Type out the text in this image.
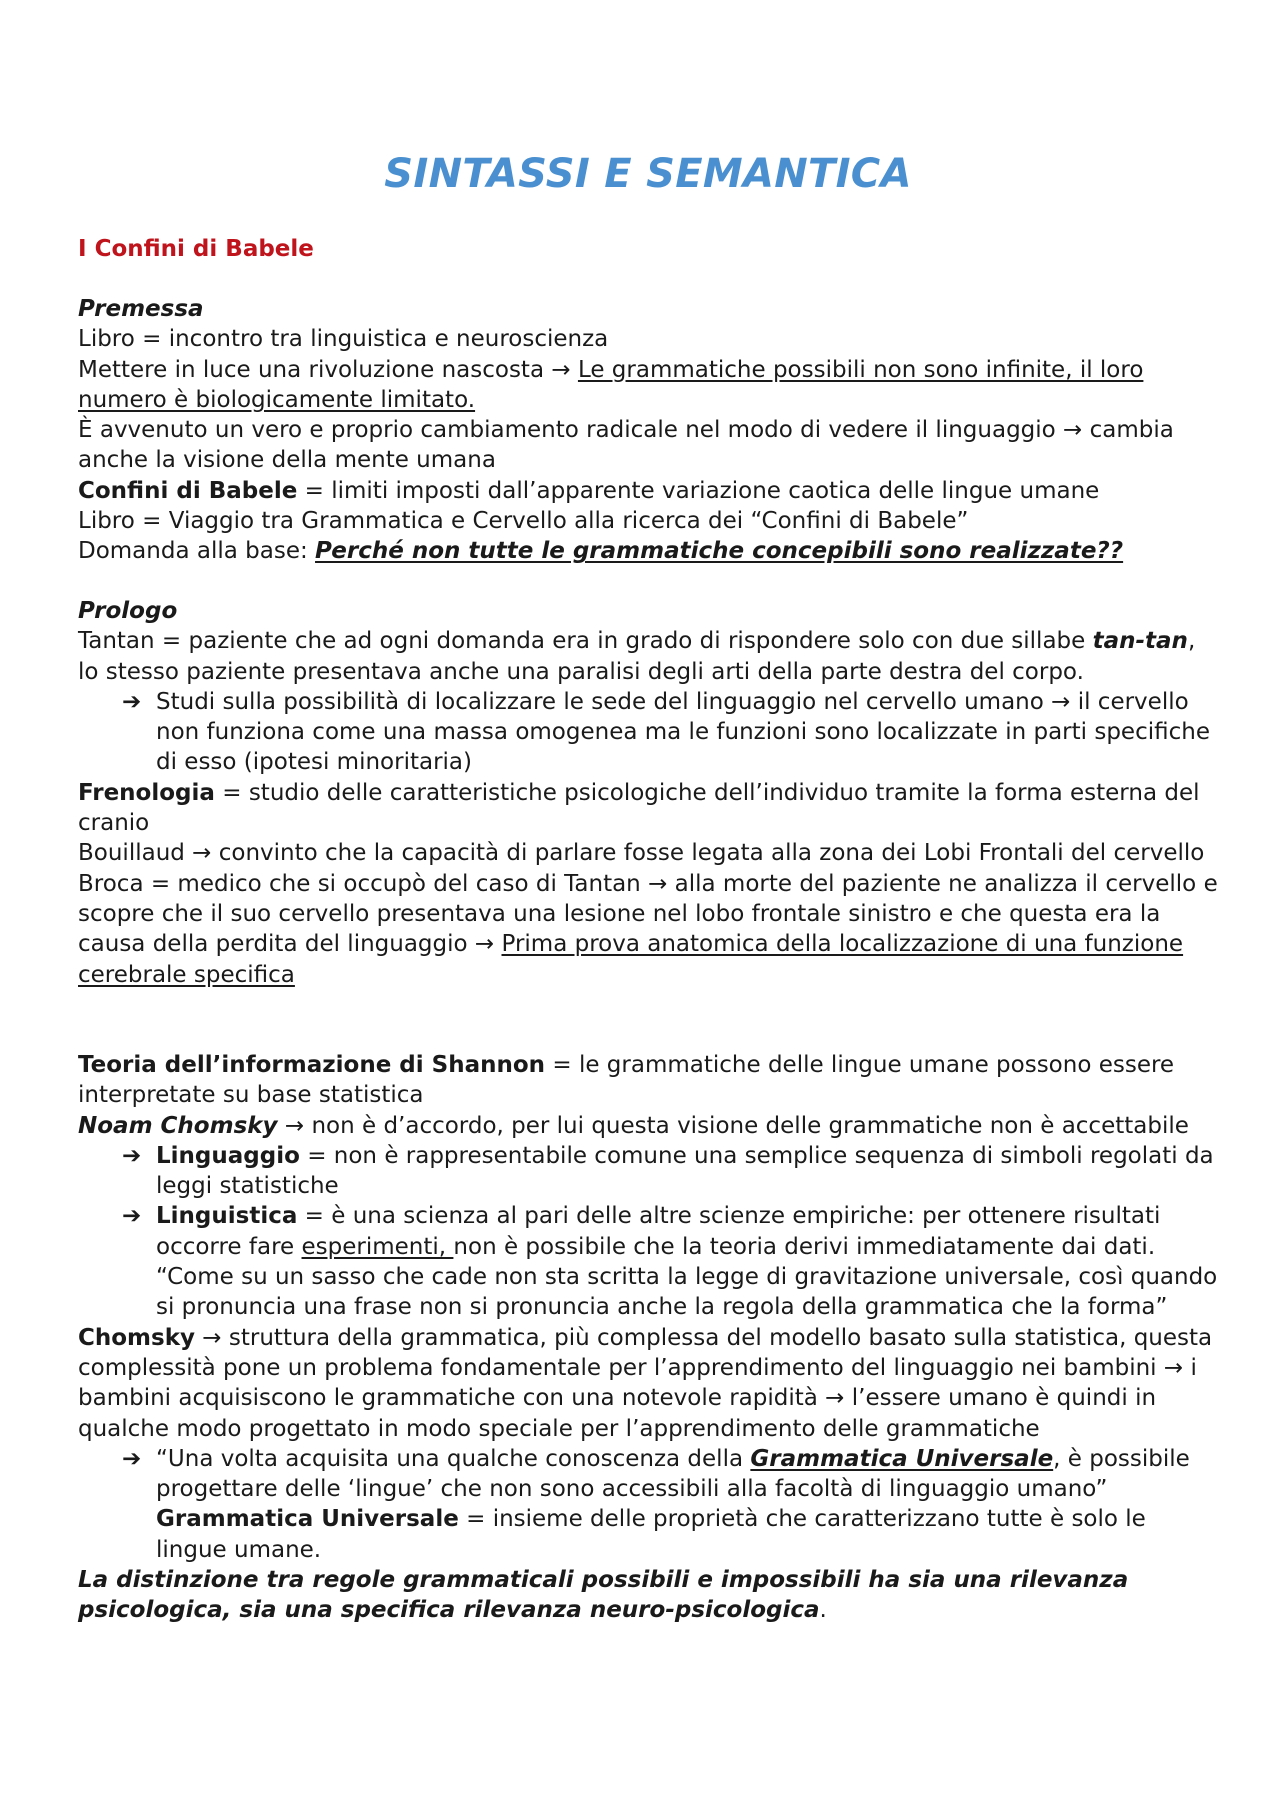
SINTASSI E SEMANTICA

I Confini di Babele

Premessa

Libro = incontro tra linguistica e neuroscienza

Mettere in luce una rivoluzione nascosta → Le grammatiche possibili non sono infinite, il loro numero è biologicamente limitato.

È avvenuto un vero e proprio cambiamento radicale nel modo di vedere il linguaggio → cambia anche la visione della mente umana

Confini di Babele = limiti imposti dall’apparente variazione caotica delle lingue umane

Libro = Viaggio tra Grammatica e Cervello alla ricerca dei “Confini di Babele”

Domanda alla base: Perché non tutte le grammatiche concepibili sono realizzate??

Prologo

Tantan = paziente che ad ogni domanda era in grado di rispondere solo con due sillabe tan-tan, lo stesso paziente presentava anche una paralisi degli arti della parte destra del corpo.

➔ Studi sulla possibilità di localizzare le sede del linguaggio nel cervello umano → il cervello non funziona come una massa omogenea ma le funzioni sono localizzate in parti specifiche di esso (ipotesi minoritaria)

Frenologia = studio delle caratteristiche psicologiche dell’individuo tramite la forma esterna del cranio

Bouillaud → convinto che la capacità di parlare fosse legata alla zona dei Lobi Frontali del cervello

Broca = medico che si occupò del caso di Tantan → alla morte del paziente ne analizza il cervello e scopre che il suo cervello presentava una lesione nel lobo frontale sinistro e che questa era la causa della perdita del linguaggio → Prima prova anatomica della localizzazione di una funzione cerebrale specifica

Teoria dell’informazione di Shannon = le grammatiche delle lingue umane possono essere interpretate su base statistica

Noam Chomsky → non è d’accordo, per lui questa visione delle grammatiche non è accettabile

➔ Linguaggio = non è rappresentabile comune una semplice sequenza di simboli regolati da leggi statistiche
➔ Linguistica = è una scienza al pari delle altre scienze empiriche: per ottenere risultati occorre fare esperimenti, non è possibile che la teoria derivi immediatamente dai dati. “Come su un sasso che cade non sta scritta la legge di gravitazione universale, così quando si pronuncia una frase non si pronuncia anche la regola della grammatica che la forma”

Chomsky → struttura della grammatica, più complessa del modello basato sulla statistica, questa complessità pone un problema fondamentale per l’apprendimento del linguaggio nei bambini → i bambini acquisiscono le grammatiche con una notevole rapidità → l’essere umano è quindi in qualche modo progettato in modo speciale per l’apprendimento delle grammatiche

➔ “Una volta acquisita una qualche conoscenza della Grammatica Universale, è possibile progettare delle ‘lingue’ che non sono accessibili alla facoltà di linguaggio umano”
Grammatica Universale = insieme delle proprietà che caratterizzano tutte è solo le lingue umane.

La distinzione tra regole grammaticali possibili e impossibili ha sia una rilevanza psicologica, sia una specifica rilevanza neuro-psicologica.
